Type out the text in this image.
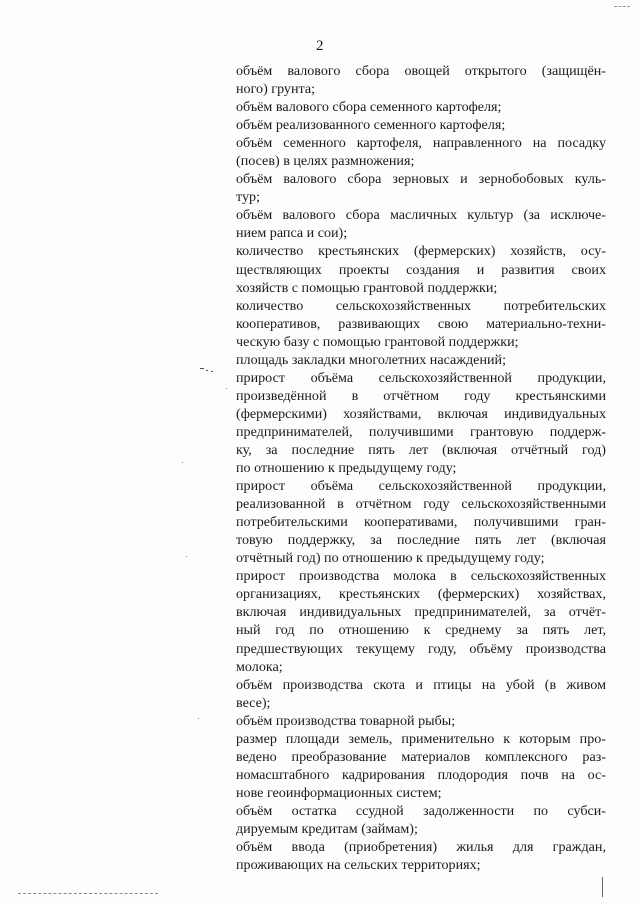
2
объём валового сбора овощей открытого (защищён-
ного) грунта;
объём валового сбора семенного картофеля;
объём реализованного семенного картофеля;
объём семенного картофеля, направленного на посадку
(посев) в целях размножения;
объём валового сбора зерновых и зернобобовых куль-
тур;
объём валового сбора масличных культур (за исключе-
нием рапса и сои);
количество крестьянских (фермерских) хозяйств, осу-
ществляющих проекты создания и развития своих
хозяйств с помощью грантовой поддержки;
количество сельскохозяйственных потребительских
кооперативов, развивающих свою материально-техни-
ческую базу с помощью грантовой поддержки;
площадь закладки многолетних насаждений;
прирост объёма сельскохозяйственной продукции,
произведённой в отчётном году крестьянскими
(фермерскими) хозяйствами, включая индивидуальных
предпринимателей, получившими грантовую поддерж-
ку, за последние пять лет (включая отчётный год)
по отношению к предыдущему году;
прирост объёма сельскохозяйственной продукции,
реализованной в отчётном году сельскохозяйственными
потребительскими кооперативами, получившими гран-
товую поддержку, за последние пять лет (включая
отчётный год) по отношению к предыдущему году;
прирост производства молока в сельскохозяйственных
организациях, крестьянских (фермерских) хозяйствах,
включая индивидуальных предпринимателей, за отчёт-
ный год по отношению к среднему за пять лет,
предшествующих текущему году, объёму производства
молока;
объём производства скота и птицы на убой (в живом
весе);
объём производства товарной рыбы;
размер площади земель, применительно к которым про-
ведено преобразование материалов комплексного раз-
номасштабного кадрирования плодородия почв на ос-
нове геоинформационных систем;
объём остатка ссудной задолженности по субси-
дируемым кредитам (займам);
объём ввода (приобретения) жилья для граждан,
проживающих на сельских территориях;
